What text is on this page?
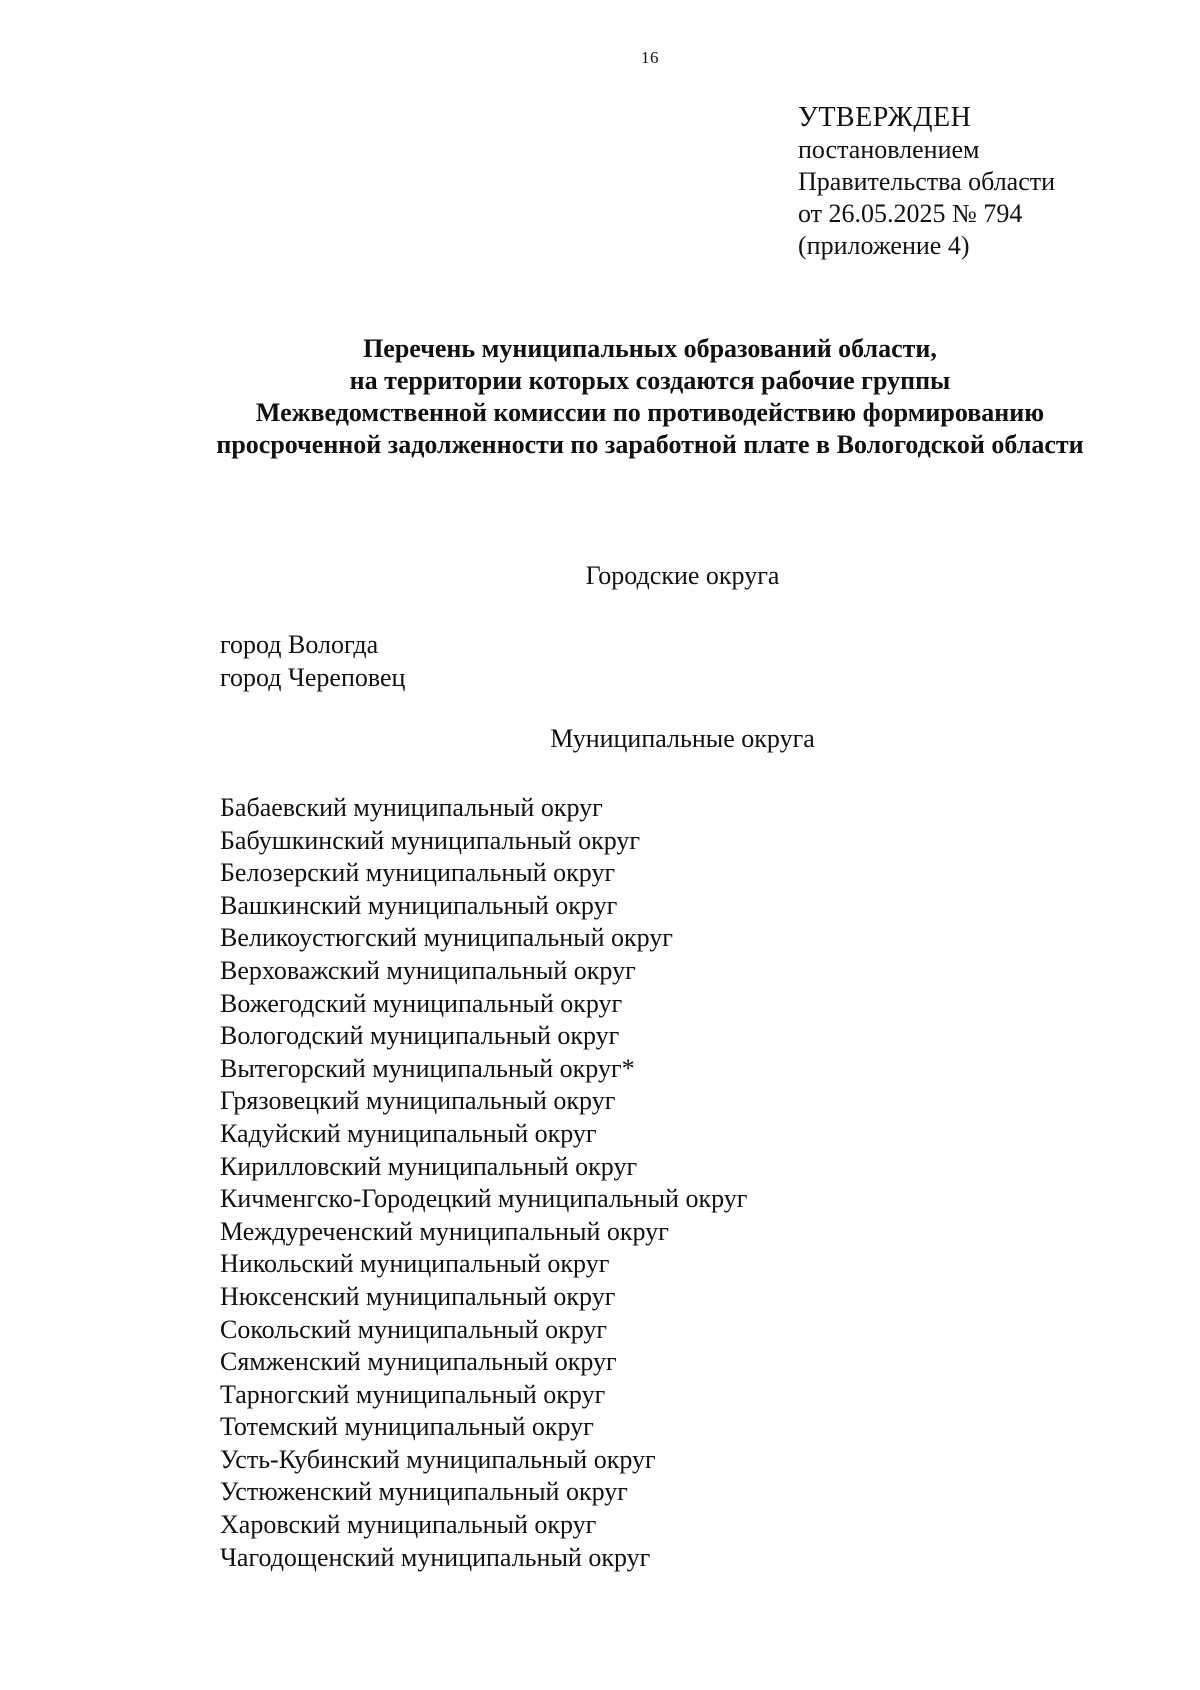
16
УТВЕРЖДЕН
постановлением
Правительства области
от 26.05.2025 № 794
(приложение 4)
Перечень муниципальных образований области,
на территории которых создаются рабочие группы
Межведомственной комиссии по противодействию формированию
просроченной задолженности по заработной плате в Вологодской области
Городские округа
город Вологда
город Череповец
Муниципальные округа
Бабаевский муниципальный округ
Бабушкинский муниципальный округ
Белозерский муниципальный округ
Вашкинский муниципальный округ
Великоустюгский муниципальный округ
Верховажский муниципальный округ
Вожегодский муниципальный округ
Вологодский муниципальный округ
Вытегорский муниципальный округ*
Грязовецкий муниципальный округ
Кадуйский муниципальный округ
Кирилловский муниципальный округ
Кичменгско-Городецкий муниципальный округ
Междуреченский муниципальный округ
Никольский муниципальный округ
Нюксенский муниципальный округ
Сокольский муниципальный округ
Сямженский муниципальный округ
Тарногский муниципальный округ
Тотемский муниципальный округ
Усть-Кубинский муниципальный округ
Устюженский муниципальный округ
Харовский муниципальный округ
Чагодощенский муниципальный округ
